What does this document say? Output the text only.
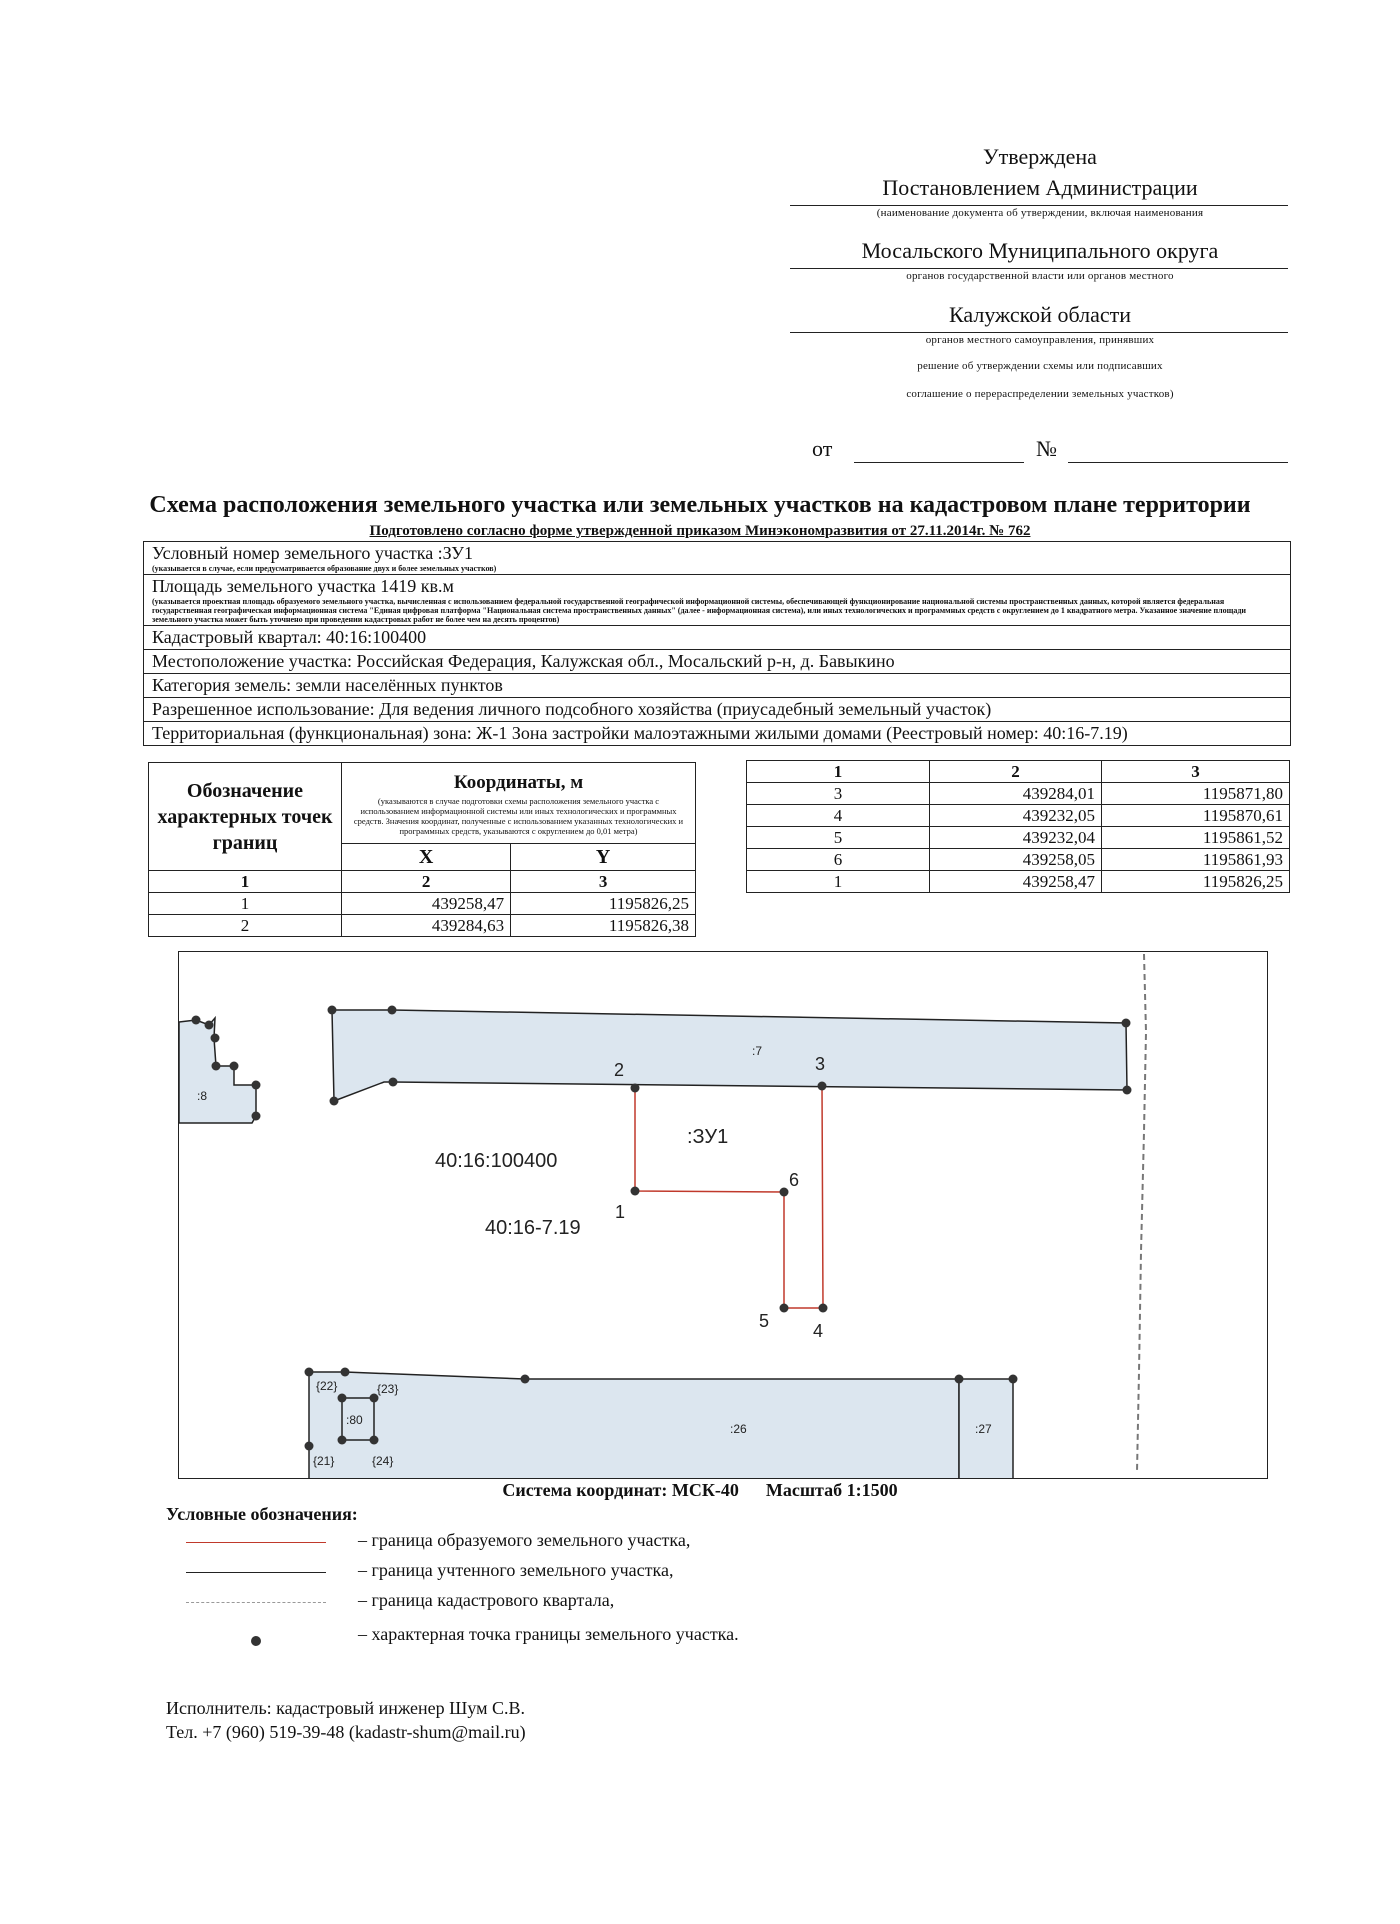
Утверждена
Постановлением Администрации
(наименование документа об утверждении, включая наименования
Мосальского Муниципального округа
органов государственной власти или органов местного
Калужской области
органов местного самоуправления, принявших
решение об утверждении схемы или подписавших
соглашение о перераспределении земельных участков)
от	№
Схема расположения земельного участка или земельных участков на кадастровом плане территории
Подготовлено согласно форме утвержденной приказом Минэкономразвития от 27.11.2014г. № 762
Условный номер земельного участка :ЗУ1
(указывается в случае, если предусматривается образование двух и более земельных участков)

Площадь земельного участка 1419 кв.м
(указывается проектная площадь образуемого земельного участка, вычисленная с использованием федеральной государственной географической информационной системы, обеспечивающей функционирование национальной системы пространственных данных, которой является федеральная государственная географическая информационная система "Единая цифровая платформа "Национальная система пространственных данных" (далее - информационная система), или иных технологических и программных средств с округлением до 1 квадратного метра. Указанное значение площади земельного участка может быть уточнено при проведении кадастровых работ не более чем на десять процентов)

Кадастровый квартал: 40:16:100400
Местоположение участка: Российская Федерация, Калужская обл., Мосальский р-н, д. Бавыкино
Категория земель: земли населённых пунктов
Разрешенное использование: Для ведения личного подсобного хозяйства (приусадебный земельный участок)
Территориальная (функциональная) зона: Ж-1 Зона застройки малоэтажными жилыми домами (Реестровый номер: 40:16-7.19)
Обозначение характерных точек границ	Координаты, м
(указываются в случае подготовки схемы расположения земельного участка с использованием информационной системы или иных технологических и программных средств. Значения координат, полученные с использованием указанных технологических и программных средств, указываются с округлением до 0,01 метра)	

	X	Y
1	2	3
1	439258,47	1195826,25
2	439284,63	1195826,38
1	2	3
3	439284,01	1195871,80
4	439232,05	1195870,61
5	439232,04	1195861,52
6	439258,05	1195861,93
1	439258,47	1195826,25
40:16:100400
40:16-7.19
:ЗУ1
:7
:8
:26	:27
:80
{21}
{22}	{23}
{24}
1
2	3
4
5
6
Система координат: МСК-40      Масштаб 1:1500
Условные обозначения:
– граница образуемого земельного участка,
– граница учтенного земельного участка,
– граница кадастрового квартала,
– характерная точка границы земельного участка.
Исполнитель: кадастровый инженер Шум С.В.
Тел. +7 (960) 519-39-48 (kadastr-shum@mail.ru)
